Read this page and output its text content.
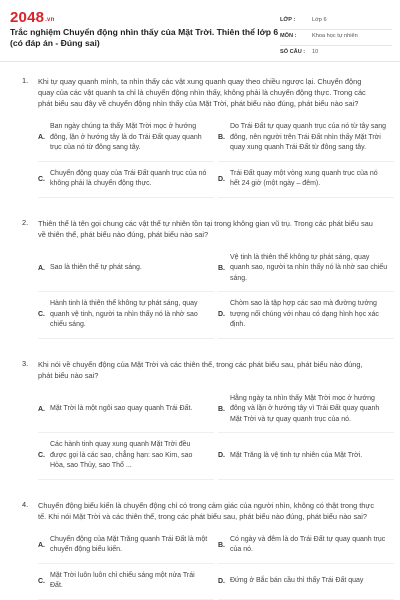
2048.vn
Trắc nghiệm Chuyển động nhìn thấy của Mặt Trời. Thiên thể lớp 6 (có đáp án - Đúng sai)
LỚP :	Lớp 6
MÔN :	Khoa học tự nhiên
SỐ CÂU : 10
1. Khi tự quay quanh mình, ta nhìn thấy các vật xung quanh quay theo chiều ngược lại. Chuyển động quay của các vật quanh ta chỉ là chuyển động nhìn thấy, không phải là chuyển động thực. Trong các phát biểu sau đây về chuyển động nhìn thấy của Mặt Trời, phát biểu nào đúng, phát biểu nào sai?
A.
Ban ngày chúng ta thấy Mặt Trời mọc ở hướng đông, lặn ở hướng tây là do Trái Đất quay quanh trục của nó từ đông sang tây.
B.
Do Trái Đất tự quay quanh trục của nó từ tây sang đông, nên người trên Trái Đất nhìn thấy Mặt Trời quay xung quanh Trái Đất từ đông sang tây.
C.
Chuyển động quay của Trái Đất quanh trục của nó không phải là chuyển động thực.
D.
Trái Đất quay một vòng xung quanh trục của nó hết 24 giờ (một ngày – đêm).
2. Thiên thể là tên gọi chung các vật thể tự nhiên tồn tại trong không gian vũ trụ. Trong các phát biểu sau về thiên thể, phát biểu nào đúng, phát biểu nào sai?
A. Sao là thiên thể tự phát sáng.	B.
Vệ tinh là thiên thể không tự phát sáng, quay quanh sao, người ta nhìn thấy nó là nhờ sao chiếu sáng.
C.
Hành tinh là thiên thể không tự phát sáng, quay quanh vệ tinh, người ta nhìn thấy nó là nhờ sao chiếu sáng.
D.
Chòm sao là tập hợp các sao mà đường tưởng tượng nối chúng với nhau có dạng hình học xác định.
3. Khi nói về chuyển động của Mặt Trời và các thiên thể, trong các phát biểu sau, phát biểu nào đúng, phát biểu nào sai?
A. Mặt Trời là một ngôi sao quay quanh Trái Đất.	B.
Hằng ngày ta nhìn thấy Mặt Trời mọc ở hướng đông và lặn ở hướng tây vì Trái Đất quay quanh Mặt Trời và tự quay quanh trục của nó.
C.
Các hành tinh quay xung quanh Mặt Trời đều được gọi là các sao, chẳng hạn: sao Kim, sao Hỏa, sao Thủy, sao Thổ ...
D. Mặt Trăng là vệ tinh tự nhiên của Mặt Trời.
4. Chuyển động biểu kiến là chuyển động chỉ có trong cảm giác của người nhìn, không có thật trong thực tế. Khi nói Mặt Trời và các thiên thể, trong các phát biểu sau, phát biểu nào đúng, phát biểu nào sai?
A.
Chuyển động của Mặt Trăng quanh Trái Đất là một chuyển động biểu kiến.
B.
Có ngày và đêm là do Trái Đất tự quay quanh trục của nó.
C.
Mặt Trời luôn luôn chỉ chiếu sáng một nửa Trái Đất.
D. Đứng ở Bắc bán cầu thì thấy Trái Đất quay
